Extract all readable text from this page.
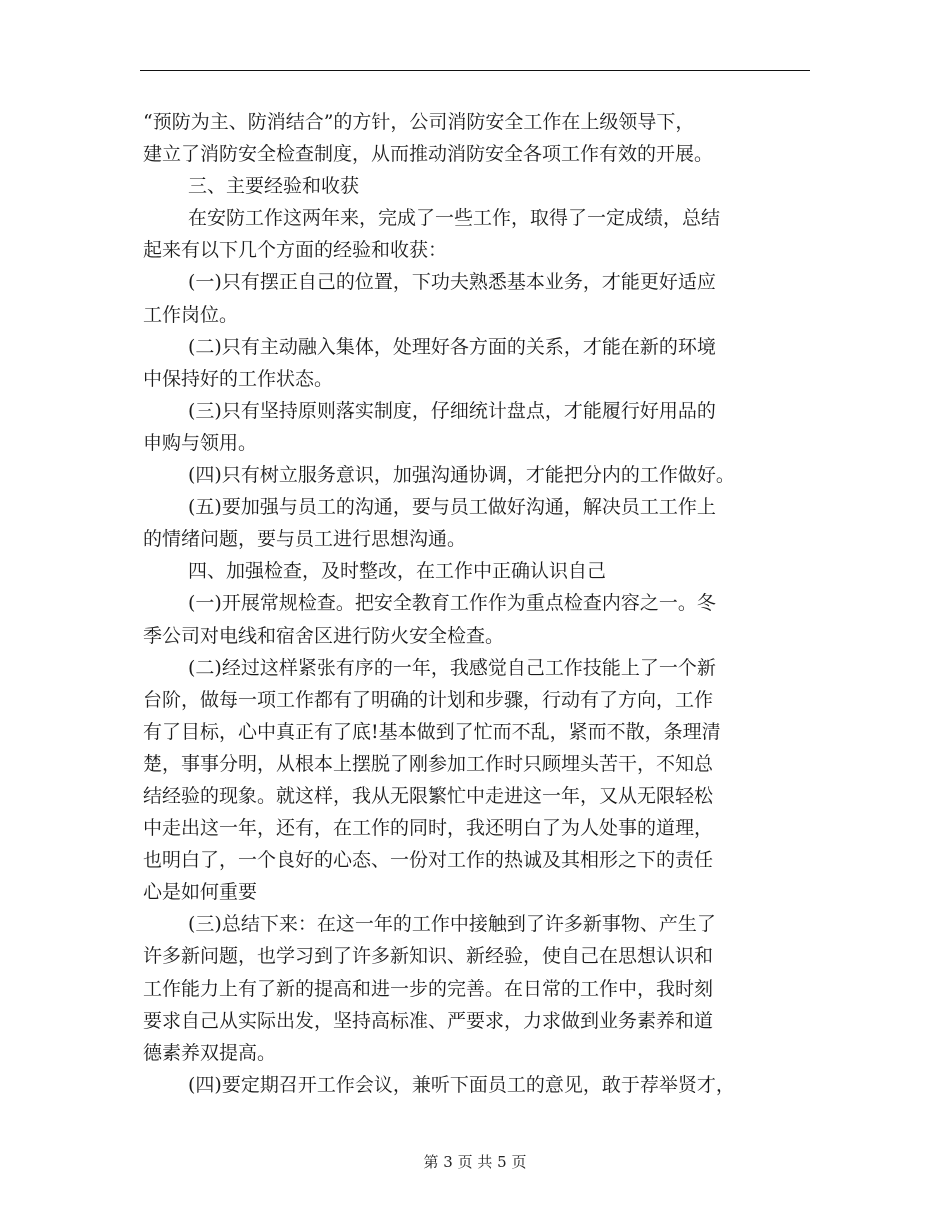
“预防为主、防消结合”的方针，公司消防安全工作在上级领导下，
建立了消防安全检查制度，从而推动消防安全各项工作有效的开展。
三、主要经验和收获
在安防工作这两年来，完成了一些工作，取得了一定成绩，总结
起来有以下几个方面的经验和收获：
(一)只有摆正自己的位置，下功夫熟悉基本业务，才能更好适应
工作岗位。
(二)只有主动融入集体，处理好各方面的关系，才能在新的环境
中保持好的工作状态。
(三)只有坚持原则落实制度，仔细统计盘点，才能履行好用品的
申购与领用。
(四)只有树立服务意识，加强沟通协调，才能把分内的工作做好。
(五)要加强与员工的沟通，要与员工做好沟通，解决员工工作上
的情绪问题，要与员工进行思想沟通。
四、加强检查，及时整改，在工作中正确认识自己
(一)开展常规检查。把安全教育工作作为重点检查内容之一。冬
季公司对电线和宿舍区进行防火安全检查。
(二)经过这样紧张有序的一年，我感觉自己工作技能上了一个新
台阶，做每一项工作都有了明确的计划和步骤，行动有了方向，工作
有了目标，心中真正有了底!基本做到了忙而不乱，紧而不散，条理清
楚，事事分明，从根本上摆脱了刚参加工作时只顾埋头苦干，不知总
结经验的现象。就这样，我从无限繁忙中走进这一年，又从无限轻松
中走出这一年，还有，在工作的同时，我还明白了为人处事的道理，
也明白了，一个良好的心态、一份对工作的热诚及其相形之下的责任
心是如何重要
(三)总结下来：在这一年的工作中接触到了许多新事物、产生了
许多新问题，也学习到了许多新知识、新经验，使自己在思想认识和
工作能力上有了新的提高和进一步的完善。在日常的工作中，我时刻
要求自己从实际出发，坚持高标准、严要求，力求做到业务素养和道
德素养双提高。
(四)要定期召开工作会议，兼听下面员工的意见，敢于荐举贤才，
第 3 页 共 5 页
